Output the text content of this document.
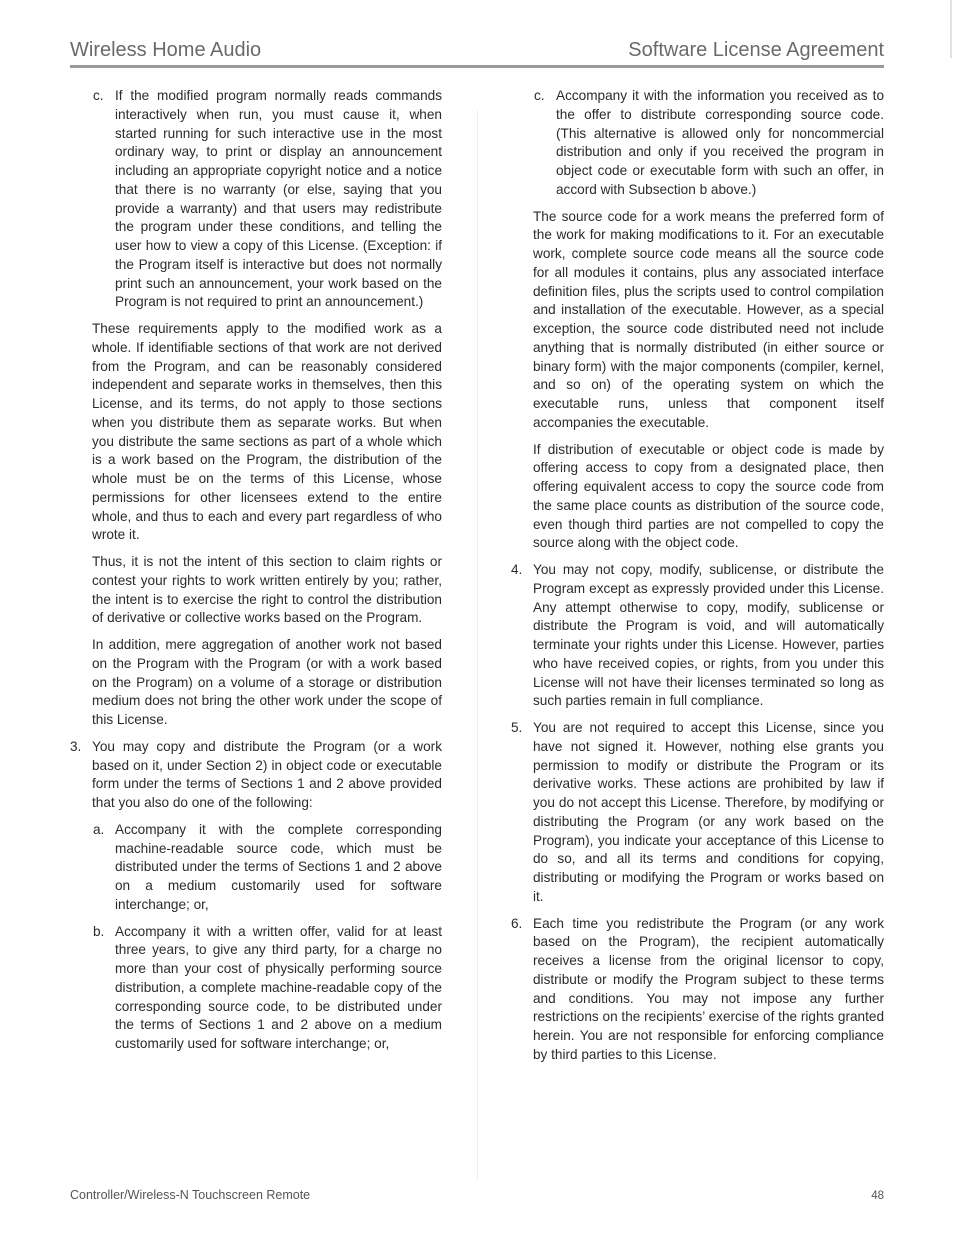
Wireless Home Audio	Software License Agreement
c. If the modified program normally reads commands interactively when run, you must cause it, when started running for such interactive use in the most ordinary way, to print or display an announcement including an appropriate copyright notice and a notice that there is no warranty (or else, saying that you provide a warranty) and that users may redistribute the program under these conditions, and telling the user how to view a copy of this License. (Exception: if the Program itself is interactive but does not normally print such an announcement, your work based on the Program is not required to print an announcement.)

These requirements apply to the modified work as a whole. If identifiable sections of that work are not derived from the Program, and can be reasonably considered independent and separate works in themselves, then this License, and its terms, do not apply to those sections when you distribute them as separate works. But when you distribute the same sections as part of a whole which is a work based on the Program, the distribution of the whole must be on the terms of this License, whose permissions for other licensees extend to the entire whole, and thus to each and every part regardless of who wrote it.

Thus, it is not the intent of this section to claim rights or contest your rights to work written entirely by you; rather, the intent is to exercise the right to control the distribution of derivative or collective works based on the Program.

In addition, mere aggregation of another work not based on the Program with the Program (or with a work based on the Program) on a volume of a storage or distribution medium does not bring the other work under the scope of this License.

3. You may copy and distribute the Program (or a work based on it, under Section 2) in object code or executable form under the terms of Sections 1 and 2 above provided that you also do one of the following:
a. Accompany it with the complete corresponding machine-readable source code, which must be distributed under the terms of Sections 1 and 2 above on a medium customarily used for software interchange; or,
b. Accompany it with a written offer, valid for at least three years, to give any third party, for a charge no more than your cost of physically performing source distribution, a complete machine-readable copy of the corresponding source code, to be distributed under the terms of Sections 1 and 2 above on a medium customarily used for software interchange; or,
c. Accompany it with the information you received as to the offer to distribute corresponding source code. (This alternative is allowed only for noncommercial distribution and only if you received the program in object code or executable form with such an offer, in accord with Subsection b above.)

The source code for a work means the preferred form of the work for making modifications to it. For an executable work, complete source code means all the source code for all modules it contains, plus any associated interface definition files, plus the scripts used to control compilation and installation of the executable. However, as a special exception, the source code distributed need not include anything that is normally distributed (in either source or binary form) with the major components (compiler, kernel, and so on) of the operating system on which the executable runs, unless that component itself accompanies the executable.

If distribution of executable or object code is made by offering access to copy from a designated place, then offering equivalent access to copy the source code from the same place counts as distribution of the source code, even though third parties are not compelled to copy the source along with the object code.

4. You may not copy, modify, sublicense, or distribute the Program except as expressly provided under this License. Any attempt otherwise to copy, modify, sublicense or distribute the Program is void, and will automatically terminate your rights under this License. However, parties who have received copies, or rights, from you under this License will not have their licenses terminated so long as such parties remain in full compliance.
5. You are not required to accept this License, since you have not signed it. However, nothing else grants you permission to modify or distribute the Program or its derivative works. These actions are prohibited by law if you do not accept this License. Therefore, by modifying or distributing the Program (or any work based on the Program), you indicate your acceptance of this License to do so, and all its terms and conditions for copying, distributing or modifying the Program or works based on it.
6. Each time you redistribute the Program (or any work based on the Program), the recipient automatically receives a license from the original licensor to copy, distribute or modify the Program subject to these terms and conditions. You may not impose any further restrictions on the recipients’ exercise of the rights granted herein. You are not responsible for enforcing compliance by third parties to this License.
Controller/Wireless-N Touchscreen Remote	48
